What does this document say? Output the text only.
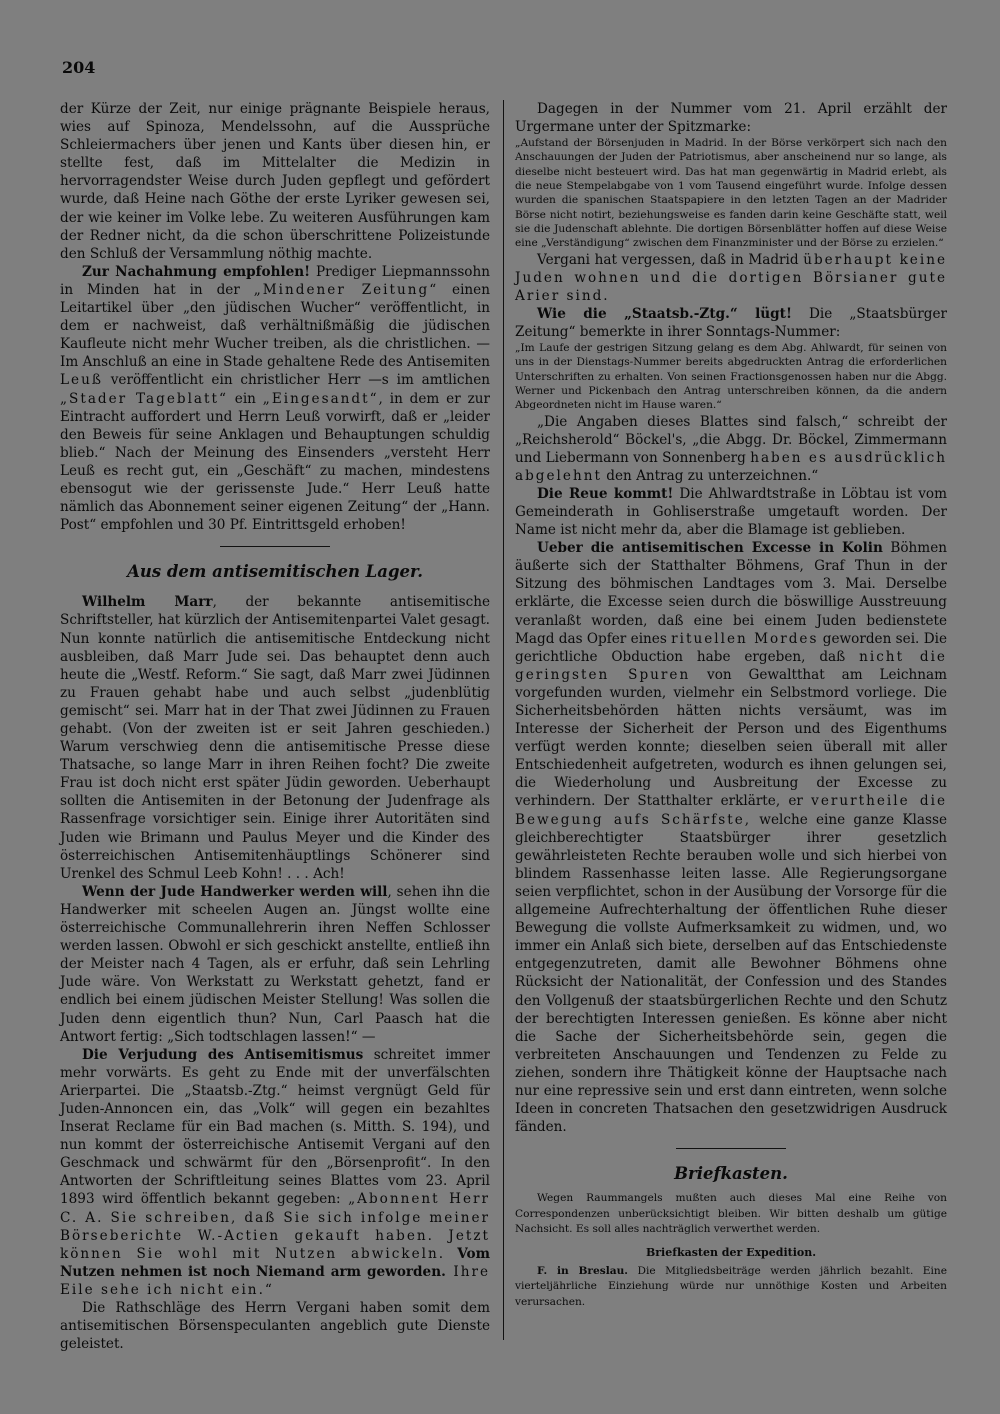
204

der Kürze der Zeit, nur einige prägnante Beispiele heraus, wies auf Spinoza, Mendelssohn, auf die Aussprüche Schleiermachers über jenen und Kants über diesen hin, er stellte fest, daß im Mittelalter die Medizin in hervorragendster Weise durch Juden gepflegt und gefördert wurde, daß Heine nach Göthe der erste Lyriker gewesen sei, der wie keiner im Volke lebe. Zu weiteren Ausführungen kam der Redner nicht, da die schon überschrittene Polizeistunde den Schluß der Versammlung nöthig machte.

Zur Nachahmung empfohlen! Prediger Liepmannssohn in Minden hat in der „Mindener Zeitung“ einen Leitartikel über „den jüdischen Wucher“ veröffentlicht, in dem er nachweist, daß verhältnißmäßig die jüdischen Kaufleute nicht mehr Wucher treiben, als die christlichen. — Im Anschluß an eine in Stade gehaltene Rede des Antisemiten Leuß veröffentlicht ein christlicher Herr —s im amtlichen „Stader Tageblatt“ ein „Eingesandt“, in dem er zur Eintracht auffordert und Herrn Leuß vorwirft, daß er „leider den Beweis für seine Anklagen und Behauptungen schuldig blieb.“ Nach der Meinung des Einsenders „versteht Herr Leuß es recht gut, ein „Geschäft“ zu machen, mindestens ebensogut wie der gerissenste Jude.“ Herr Leuß hatte nämlich das Abonnement seiner eigenen Zeitung“ der „Hann. Post“ empfohlen und 30 Pf. Eintrittsgeld erhoben!

Aus dem antisemitischen Lager.

Wilhelm Marr, der bekannte antisemitische Schriftsteller, hat kürzlich der Antisemitenpartei Valet gesagt. Nun konnte natürlich die antisemitische Entdeckung nicht ausbleiben, daß Marr Jude sei. Das behauptet denn auch heute die „Westf. Reform.“ Sie sagt, daß Marr zwei Jüdinnen zu Frauen gehabt habe und auch selbst „judenblütig gemischt“ sei. Marr hat in der That zwei Jüdinnen zu Frauen gehabt. (Von der zweiten ist er seit Jahren geschieden.) Warum verschwieg denn die antisemitische Presse diese Thatsache, so lange Marr in ihren Reihen focht? Die zweite Frau ist doch nicht erst später Jüdin geworden. Ueberhaupt sollten die Antisemiten in der Betonung der Judenfrage als Rassenfrage vorsichtiger sein. Einige ihrer Autoritäten sind Juden wie Brimann und Paulus Meyer und die Kinder des österreichischen Antisemitenhäuptlings Schönerer sind Urenkel des Schmul Leeb Kohn! . . . Ach!

Wenn der Jude Handwerker werden will, sehen ihn die Handwerker mit scheelen Augen an. Jüngst wollte eine österreichische Communallehrerin ihren Neffen Schlosser werden lassen. Obwohl er sich geschickt anstellte, entließ ihn der Meister nach 4 Tagen, als er erfuhr, daß sein Lehrling Jude wäre. Von Werkstatt zu Werkstatt gehetzt, fand er endlich bei einem jüdischen Meister Stellung! Was sollen die Juden denn eigentlich thun? Nun, Carl Paasch hat die Antwort fertig: „Sich todtschlagen lassen!“ —

Die Verjudung des Antisemitismus schreitet immer mehr vorwärts. Es geht zu Ende mit der unverfälschten Arierpartei. Die „Staatsb.-Ztg.“ heimst vergnügt Geld für Juden-Annoncen ein, das „Volk“ will gegen ein bezahltes Inserat Reclame für ein Bad machen (s. Mitth. S. 194), und nun kommt der österreichische Antisemit Vergani auf den Geschmack und schwärmt für den „Börsenprofit“. In den Antworten der Schriftleitung seines Blattes vom 23. April 1893 wird öffentlich bekannt gegeben: „Abonnent Herr C. A. Sie schreiben, daß Sie sich infolge meiner Börseberichte W.-Actien gekauft haben. Jetzt können Sie wohl mit Nutzen abwickeln. Vom Nutzen nehmen ist noch Niemand arm geworden. Ihre Eile sehe ich nicht ein.“

Die Rathschläge des Herrn Vergani haben somit dem antisemitischen Börsenspeculanten angeblich gute Dienste geleistet.

Dagegen in der Nummer vom 21. April erzählt der Urgermane unter der Spitzmarke:

„Aufstand der Börsenjuden in Madrid. In der Börse verkörpert sich nach den Anschauungen der Juden der Patriotismus, aber anscheinend nur so lange, als dieselbe nicht besteuert wird. Das hat man gegenwärtig in Madrid erlebt, als die neue Stempelabgabe von 1 vom Tausend eingeführt wurde. Infolge dessen wurden die spanischen Staatspapiere in den letzten Tagen an der Madrider Börse nicht notirt, beziehungsweise es fanden darin keine Geschäfte statt, weil sie die Judenschaft ablehnte. Die dortigen Börsenblätter hoffen auf diese Weise eine „Verständigung“ zwischen dem Finanzminister und der Börse zu erzielen.“

Vergani hat vergessen, daß in Madrid überhaupt keine Juden wohnen und die dortigen Börsianer gute Arier sind.

Wie die „Staatsb.-Ztg.“ lügt! Die „Staatsbürger Zeitung“ bemerkte in ihrer Sonntags-Nummer:

„Im Laufe der gestrigen Sitzung gelang es dem Abg. Ahlwardt, für seinen von uns in der Dienstags-Nummer bereits abgedruckten Antrag die erforderlichen Unterschriften zu erhalten. Von seinen Fractionsgenossen haben nur die Abgg. Werner und Pickenbach den Antrag unterschreiben können, da die andern Abgeordneten nicht im Hause waren.“

„Die Angaben dieses Blattes sind falsch,“ schreibt der „Reichsherold“ Böckel's, „die Abgg. Dr. Böckel, Zimmermann und Liebermann von Sonnenberg haben es ausdrücklich abgelehnt den Antrag zu unterzeichnen.“

Die Reue kommt! Die Ahlwardtstraße in Löbtau ist vom Gemeinderath in Gohliserstraße umgetauft worden. Der Name ist nicht mehr da, aber die Blamage ist geblieben.

Ueber die antisemitischen Excesse in Kolin Böhmen äußerte sich der Statthalter Böhmens, Graf Thun in der Sitzung des böhmischen Landtages vom 3. Mai. Derselbe erklärte, die Excesse seien durch die böswillige Ausstreuung veranlaßt worden, daß eine bei einem Juden bedienstete Magd das Opfer eines rituellen Mordes geworden sei. Die gerichtliche Obduction habe ergeben, daß nicht die geringsten Spuren von Gewaltthat am Leichnam vorgefunden wurden, vielmehr ein Selbstmord vorliege. Die Sicherheitsbehörden hätten nichts versäumt, was im Interesse der Sicherheit der Person und des Eigenthums verfügt werden konnte; dieselben seien überall mit aller Entschiedenheit aufgetreten, wodurch es ihnen gelungen sei, die Wiederholung und Ausbreitung der Excesse zu verhindern. Der Statthalter erklärte, er verurtheile die Bewegung aufs Schärfste, welche eine ganze Klasse gleichberechtigter Staatsbürger ihrer gesetzlich gewährleisteten Rechte berauben wolle und sich hierbei von blindem Rassenhasse leiten lasse. Alle Regierungsorgane seien verpflichtet, schon in der Ausübung der Vorsorge für die allgemeine Aufrechterhaltung der öffentlichen Ruhe dieser Bewegung die vollste Aufmerksamkeit zu widmen, und, wo immer ein Anlaß sich biete, derselben auf das Entschiedenste entgegenzutreten, damit alle Bewohner Böhmens ohne Rücksicht der Nationalität, der Confession und des Standes den Vollgenuß der staatsbürgerlichen Rechte und den Schutz der berechtigten Interessen genießen. Es könne aber nicht die Sache der Sicherheitsbehörde sein, gegen die verbreiteten Anschauungen und Tendenzen zu Felde zu ziehen, sondern ihre Thätigkeit könne der Hauptsache nach nur eine repressive sein und erst dann eintreten, wenn solche Ideen in concreten Thatsachen den gesetzwidrigen Ausdruck fänden.

Briefkasten.

Wegen Raummangels mußten auch dieses Mal eine Reihe von Correspondenzen unberücksichtigt bleiben. Wir bitten deshalb um gütige Nachsicht. Es soll alles nachträglich verwerthet werden.

Briefkasten der Expedition.

F. in Breslau. Die Mitgliedsbeiträge werden jährlich bezahlt. Eine vierteljährliche Einziehung würde nur unnöthige Kosten und Arbeiten verursachen.
